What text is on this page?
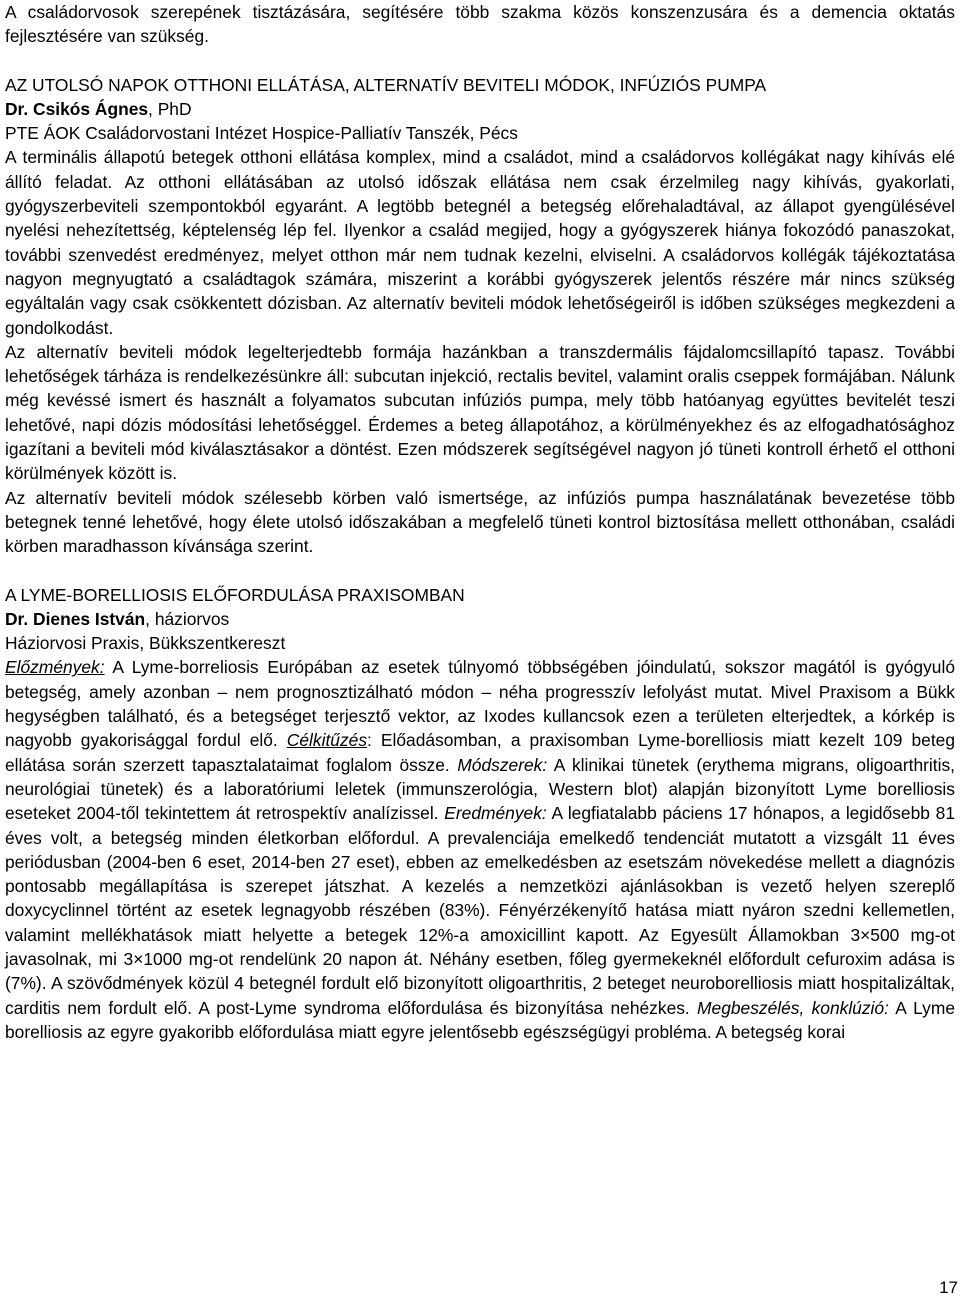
A családorvosok szerepének tisztázására, segítésére több szakma közös konszenzusára és a demencia oktatás fejlesztésére van szükség.

AZ UTOLSÓ NAPOK OTTHONI ELLÁTÁSA, ALTERNATÍV BEVITELI MÓDOK, INFÚZIÓS PUMPA

Dr. Csikós Ágnes, PhD

PTE ÁOK Családorvostani Intézet Hospice-Palliatív Tanszék, Pécs

A terminális állapotú betegek otthoni ellátása komplex, mind a családot, mind a családorvos kollégákat nagy kihívás elé állító feladat. Az otthoni ellátásában az utolsó időszak ellátása nem csak érzelmileg nagy kihívás, gyakorlati, gyógyszerbeviteli szempontokból egyaránt. A legtöbb betegnél a betegség előrehaladtával, az állapot gyengülésével nyelési nehezítettség, képtelenség lép fel. Ilyenkor a család megijed, hogy a gyógyszerek hiánya fokozódó panaszokat, további szenvedést eredményez, melyet otthon már nem tudnak kezelni, elviselni. A családorvos kollégák tájékoztatása nagyon megnyugtató a családtagok számára, miszerint a korábbi gyógyszerek jelentős részére már nincs szükség egyáltalán vagy csak csökkentett dózisban. Az alternatív beviteli módok lehetőségeiről is időben szükséges megkezdeni a gondolkodást.

Az alternatív beviteli módok legelterjedtebb formája hazánkban a transzdermális fájdalomcsillapító tapasz. További lehetőségek tárháza is rendelkezésünkre áll: subcutan injekció, rectalis bevitel, valamint oralis cseppek formájában. Nálunk még kevéssé ismert és használt a folyamatos subcutan infúziós pumpa, mely több hatóanyag együttes bevitelét teszi lehetővé, napi dózis módosítási lehetőséggel. Érdemes a beteg állapotához, a körülményekhez és az elfogadhatósághoz igazítani a beviteli mód kiválasztásakor a döntést. Ezen módszerek segítségével nagyon jó tüneti kontroll érhető el otthoni körülmények között is.

Az alternatív beviteli módok szélesebb körben való ismertsége, az infúziós pumpa használatának bevezetése több betegnek tenné lehetővé, hogy élete utolsó időszakában a megfelelő tüneti kontrol biztosítása mellett otthonában, családi körben maradhasson kívánsága szerint.

A LYME-BORELLIOSIS ELŐFORDULÁSA PRAXISOMBAN

Dr. Dienes István, háziorvos

Háziorvosi Praxis, Bükkszentkereszt

Előzmények: A Lyme-borreliosis Európában az esetek túlnyomó többségében jóindulatú, sokszor magától is gyógyuló betegség, amely azonban – nem prognosztizálható módon – néha progresszív lefolyást mutat. Mivel Praxisom a Bükk hegységben található, és a betegséget terjesztő vektor, az Ixodes kullancsok ezen a területen elterjedtek, a kórkép is nagyobb gyakorisággal fordul elő. Célkitűzés: Előadásomban, a praxisomban Lyme-borelliosis miatt kezelt 109 beteg ellátása során szerzett tapasztalataimat foglalom össze. Módszerek: A klinikai tünetek (erythema migrans, oligoarthritis, neurológiai tünetek) és a laboratóriumi leletek (immunszerológia, Western blot) alapján bizonyított Lyme borelliosis eseteket 2004-től tekintettem át retrospektív analízissel. Eredmények: A legfiatalabb páciens 17 hónapos, a legidősebb 81 éves volt, a betegség minden életkorban előfordul. A prevalenciája emelkedő tendenciát mutatott a vizsgált 11 éves periódusban (2004-ben 6 eset, 2014-ben 27 eset), ebben az emelkedésben az esetszám növekedése mellett a diagnózis pontosabb megállapítása is szerepet játszhat. A kezelés a nemzetközi ajánlásokban is vezető helyen szereplő doxycyclinnel történt az esetek legnagyobb részében (83%). Fényérzékenyítő hatása miatt nyáron szedni kellemetlen, valamint mellékhatások miatt helyette a betegek 12%-a amoxicillint kapott. Az Egyesült Államokban 3×500 mg-ot javasolnak, mi 3×1000 mg-ot rendelünk 20 napon át. Néhány esetben, főleg gyermekeknél előfordult cefuroxim adása is (7%). A szövődmények közül 4 betegnél fordult elő bizonyított oligoarthritis, 2 beteget neuroborelliosis miatt hospitalizáltak, carditis nem fordult elő. A post-Lyme syndroma előfordulása és bizonyítása nehézkes. Megbeszélés, konklúzió: A Lyme borelliosis az egyre gyakoribb előfordulása miatt egyre jelentősebb egészségügyi probléma. A betegség korai

17
